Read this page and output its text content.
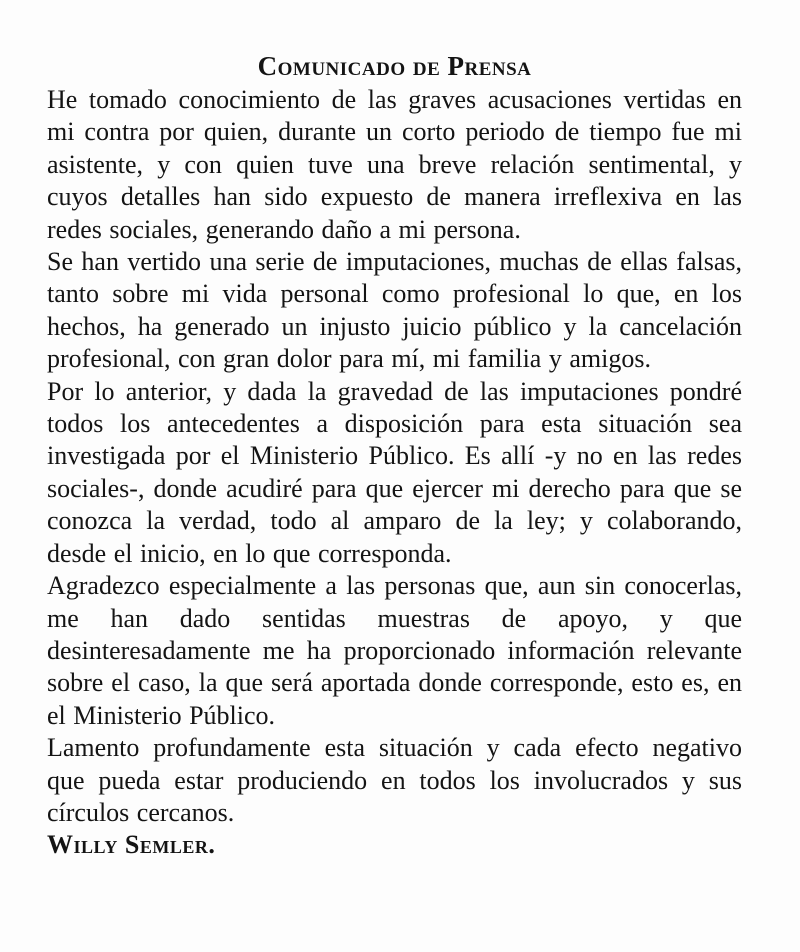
Comunicado de Prensa

He tomado conocimiento de las graves acusaciones vertidas en mi contra por quien, durante un corto periodo de tiempo fue mi asistente, y con quien tuve una breve relación sentimental, y cuyos detalles han sido expuesto de manera irreflexiva en las redes sociales, generando daño a mi persona.

Se han vertido una serie de imputaciones, muchas de ellas falsas, tanto sobre mi vida personal como profesional lo que, en los hechos, ha generado un injusto juicio público y la cancelación profesional, con gran dolor para mí, mi familia y amigos.

Por lo anterior, y dada la gravedad de las imputaciones pondré todos los antecedentes a disposición para esta situación sea investigada por el Ministerio Público. Es allí -y no en las redes sociales-, donde acudiré para que ejercer mi derecho para que se conozca la verdad, todo al amparo de la ley; y colaborando, desde el inicio, en lo que corresponda.

Agradezco especialmente a las personas que, aun sin conocerlas, me han dado sentidas muestras de apoyo, y que desinteresadamente me ha proporcionado información relevante sobre el caso, la que será aportada donde corresponde, esto es, en el Ministerio Público.

Lamento profundamente esta situación y cada efecto negativo que pueda estar produciendo en todos los involucrados y sus círculos cercanos.

Willy Semler.
